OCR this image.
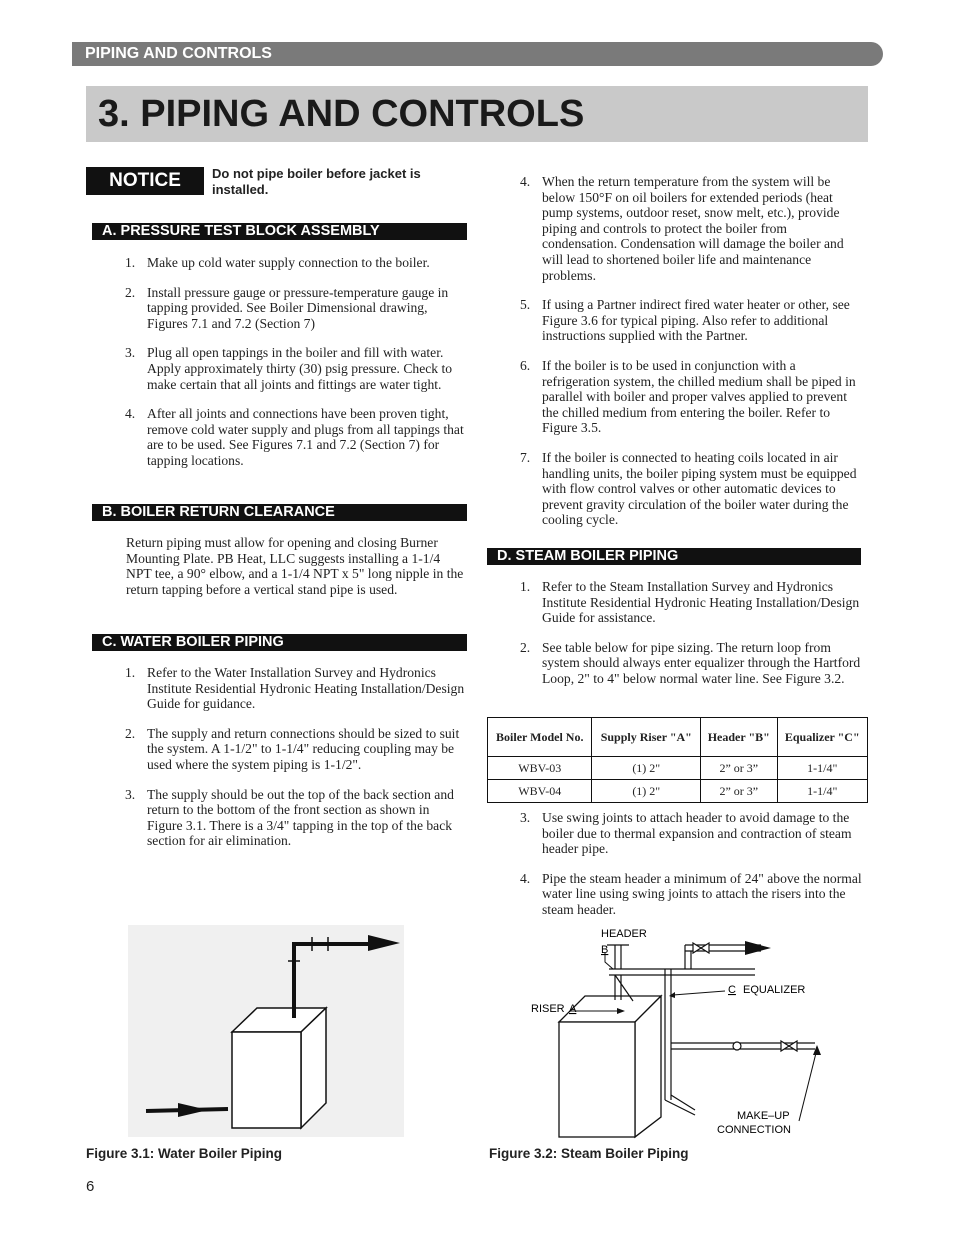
PIPING AND CONTROLS
3. PIPING AND CONTROLS
NOTICE	Do not pipe boiler before jacket is installed.
A. PRESSURE TEST BLOCK ASSEMBLY
1. Make up cold water supply connection to the boiler.
2. Install pressure gauge or pressure-temperature gauge in tapping provided. See Boiler Dimensional drawing, Figures 7.1 and 7.2 (Section 7)
3. Plug all open tappings in the boiler and fill with water. Apply approximately thirty (30) psig pressure. Check to make certain that all joints and fittings are water tight.
4. After all joints and connections have been proven tight, remove cold water supply and plugs from all tappings that are to be used. See Figures 7.1 and 7.2 (Section 7) for tapping locations.
B. BOILER RETURN CLEARANCE
Return piping must allow for opening and closing Burner Mounting Plate. PB Heat, LLC suggests installing a 1-1/4 NPT tee, a 90° elbow, and a 1-1/4 NPT x 5" long nipple in the return tapping before a vertical stand pipe is used.
C. WATER BOILER PIPING
1. Refer to the Water Installation Survey and Hydronics Institute Residential Hydronic Heating Installation/Design Guide for guidance.
2. The supply and return connections should be sized to suit the system. A 1-1/2" to 1-1/4" reducing coupling may be used where the system piping is 1-1/2".
3. The supply should be out the top of the back section and return to the bottom of the front section as shown in Figure 3.1. There is a 3/4" tapping in the top of the back section for air elimination.
4. When the return temperature from the system will be below 150°F on oil boilers for extended periods (heat pump systems, outdoor reset, snow melt, etc.), provide piping and controls to protect the boiler from condensation. Condensation will damage the boiler and will lead to shortened boiler life and maintenance problems.
5. If using a Partner indirect fired water heater or other, see Figure 3.6 for typical piping. Also refer to additional instructions supplied with the Partner.
6. If the boiler is to be used in conjunction with a refrigeration system, the chilled medium shall be piped in parallel with boiler and proper valves applied to prevent the chilled medium from entering the boiler. Refer to Figure 3.5.
7. If the boiler is connected to heating coils located in air handling units, the boiler piping system must be equipped with flow control valves or other automatic devices to prevent gravity circulation of the boiler water during the cooling cycle.
D. STEAM BOILER PIPING
1. Refer to the Steam Installation Survey and Hydronics Institute Residential Hydronic Heating Installation/Design Guide for assistance.
2. See table below for pipe sizing. The return loop from system should always enter equalizer through the Hartford Loop, 2" to 4" below normal water line. See Figure 3.2.
Boiler Model No.	Supply Riser "A"	Header "B"	Equalizer "C"
WBV-03	(1) 2"	2” or 3”	1-1/4"
WBV-04	(1) 2"	2” or 3”	1-1/4"
3. Use swing joints to attach header to avoid damage to the boiler due to thermal expansion and contraction of steam header pipe.
4. Pipe the steam header a minimum of 24" above the normal water line using swing joints to attach the risers into the steam header.
Figure 3.1: Water Boiler Piping
HEADER
B
C EQUALIZER
RISER A
MAKE–UP
CONNECTION
Figure 3.2: Steam Boiler Piping
6
